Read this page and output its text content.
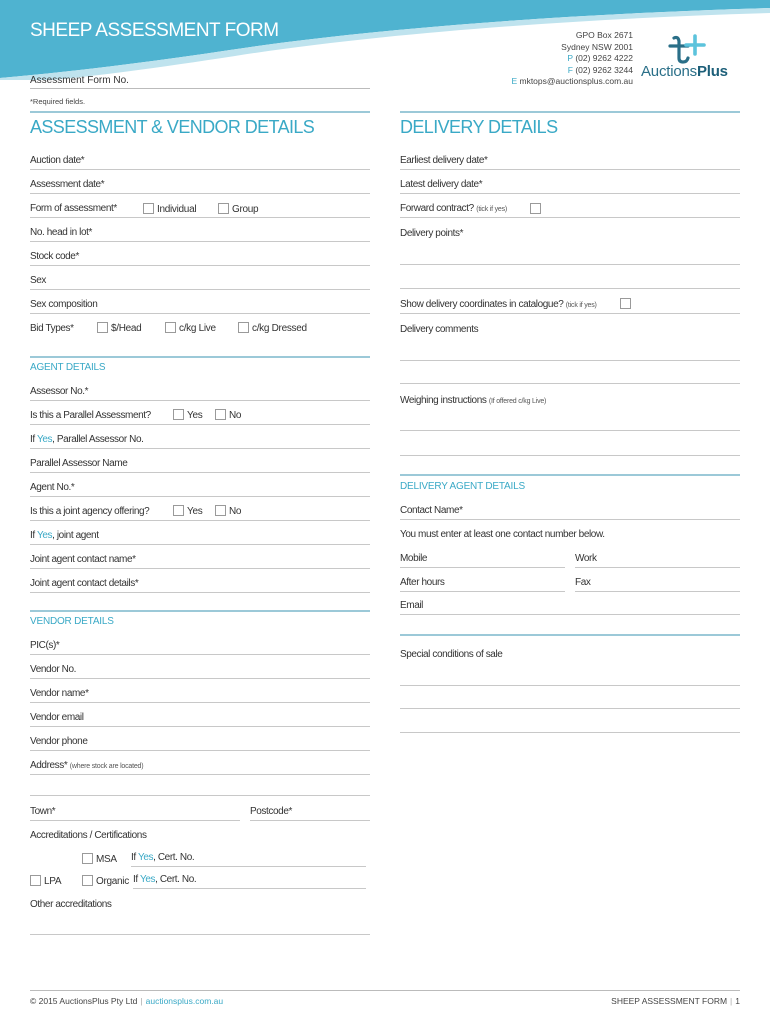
SHEEP ASSESSMENT FORM	GPO Box 2671
Sydney NSW 2001
P (02) 9262 4222
F (02) 9262 3244
E mktops@auctionsplus.com.au
AuctionsPlus
Assessment Form No.
*Required fields.
ASSESSMENT & VENDOR DETAILS
Auction date*
Assessment date*
Form of assessment*	Individual	Group
No. head in lot*
Stock code*
Sex
Sex composition
Bid Types*	$/Head	c/kg Live	c/kg Dressed
AGENT DETAILS
Assessor No.*
Is this a Parallel Assessment?	Yes	No
If Yes, Parallel Assessor No.
Parallel Assessor Name
Agent No.*
Is this a joint agency offering?	Yes	No
If Yes, joint agent
Joint agent contact name*
Joint agent contact details*
VENDOR DETAILS
PIC(s)*
Vendor No.
Vendor name*
Vendor email
Vendor phone
Address* (where stock are located)
Town*	Postcode*
Accreditations / Certifications
MSA If Yes, Cert. No.
LPA	Organic If Yes, Cert. No.
Other accreditations
DELIVERY DETAILS
Earliest delivery date*
Latest delivery date*
Forward contract? (tick if yes)
Delivery points*
Show delivery coordinates in catalogue? (tick if yes)
Delivery comments
Weighing instructions (If offered c/kg Live)
DELIVERY AGENT DETAILS
Contact Name*
You must enter at least one contact number below.
Mobile	Work
After hours	Fax
Email
Special conditions of sale
© 2015 AuctionsPlus Pty Ltd | auctionsplus.com.au	SHEEP ASSESSMENT FORM | 1
